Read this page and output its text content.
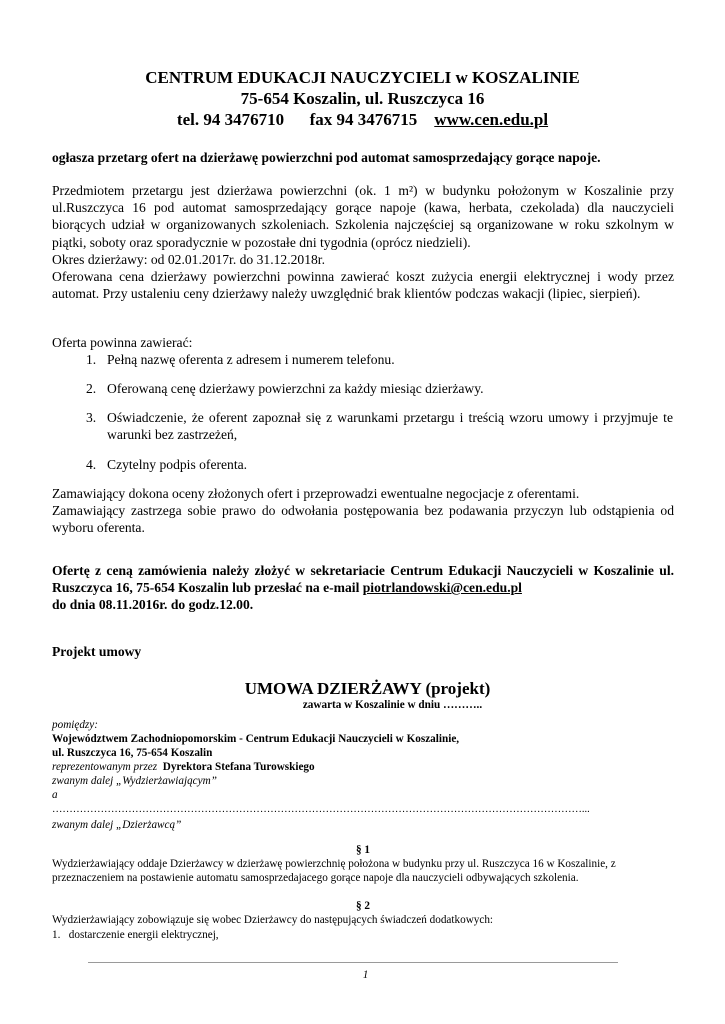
CENTRUM EDUKACJI NAUCZYCIELI w KOSZALINIE
75-654 Koszalin, ul. Ruszczyca 16
tel. 94 3476710 fax 94 3476715 www.cen.edu.pl
ogłasza przetarg ofert na dzierżawę powierzchni pod automat samosprzedający gorące napoje.
Przedmiotem przetargu jest dzierżawa powierzchni (ok. 1 m²) w budynku położonym w Koszalinie przy ul.Ruszczyca 16 pod automat samosprzedający gorące napoje (kawa, herbata, czekolada) dla nauczycieli biorących udział w organizowanych szkoleniach. Szkolenia najczęściej są organizowane w roku szkolnym w piątki, soboty oraz sporadycznie w pozostałe dni tygodnia (oprócz niedzieli).
Okres dzierżawy: od 02.01.2017r. do 31.12.2018r.
Oferowana cena dzierżawy powierzchni powinna zawierać koszt zużycia energii elektrycznej i wody przez automat. Przy ustaleniu ceny dzierżawy należy uwzględnić brak klientów podczas wakacji (lipiec, sierpień).
Oferta powinna zawierać:
1. Pełną nazwę oferenta z adresem i numerem telefonu.
2. Oferowaną cenę dzierżawy powierzchni za każdy miesiąc dzierżawy.
3. Oświadczenie, że oferent zapoznał się z warunkami przetargu i treścią wzoru umowy i przyjmuje te warunki bez zastrzeżeń,
4. Czytelny podpis oferenta.
Zamawiający dokona oceny złożonych ofert i przeprowadzi ewentualne negocjacje z oferentami.
Zamawiający zastrzega sobie prawo do odwołania postępowania bez podawania przyczyn lub odstąpienia od wyboru oferenta.
Ofertę z ceną zamówienia należy złożyć w sekretariacie Centrum Edukacji Nauczycieli w Koszalinie ul. Ruszczyca 16, 75-654 Koszalin lub przesłać na e-mail piotrlandowski@cen.edu.pl
do dnia 08.11.2016r. do godz.12.00.
Projekt umowy
UMOWA DZIERŻAWY (projekt)
zawarta w Koszalinie w dniu ………..
pomiędzy:
Województwem Zachodniopomorskim - Centrum Edukacji Nauczycieli w Koszalinie,
ul. Ruszczyca 16, 75-654 Koszalin
reprezentowanym przez Dyrektora Stefana Turowskiego
zwanym dalej „Wydzierżawiającym”
a
………………………………………………………………………………………………………………………………………...
zwanym dalej „Dzierżawcą”
§ 1
Wydzierżawiający oddaje Dzierżawcy w dzierżawę powierzchnię położona w budynku przy ul. Ruszczyca 16 w Koszalinie, z przeznaczeniem na postawienie automatu samosprzedajacego gorące napoje dla nauczycieli odbywających szkolenia.
§ 2
Wydzierżawiający zobowiązuje się wobec Dzierżawcy do następujących świadczeń dodatkowych:
1. dostarczenie energii elektrycznej,
1
